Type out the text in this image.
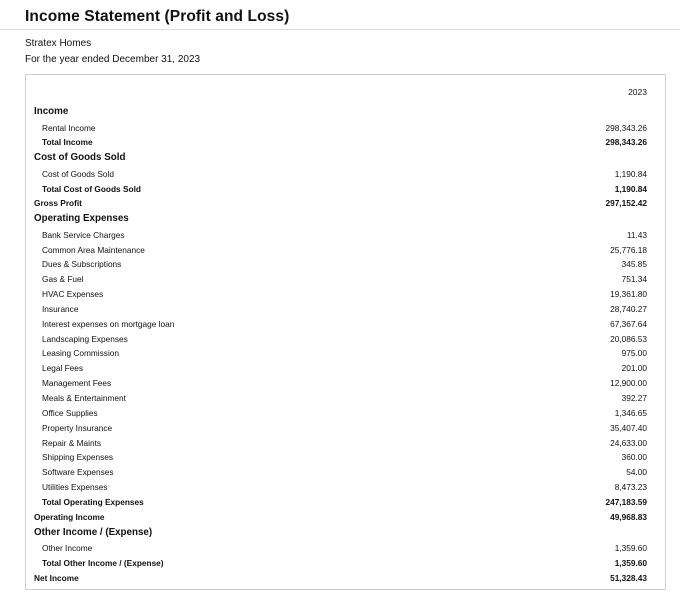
Income Statement (Profit and Loss)
Stratex Homes
For the year ended December 31, 2023
2023
Income
Rental Income	298,343.26
Total Income	298,343.26
Cost of Goods Sold
Cost of Goods Sold	1,190.84
Total Cost of Goods Sold	1,190.84
Gross Profit	297,152.42
Operating Expenses
Bank Service Charges	11.43
Common Area Maintenance	25,776.18
Dues & Subscriptions	345.85
Gas & Fuel	751.34
HVAC Expenses	19,361.80
Insurance	28,740.27
Interest expenses on mortgage loan	67,367.64
Landscaping Expenses	20,086.53
Leasing Commission	975.00
Legal Fees	201.00
Management Fees	12,900.00
Meals & Entertainment	392.27
Office Supplies	1,346.65
Property Insurance	35,407.40
Repair & Maints	24,633.00
Shipping Expenses	360.00
Software Expenses	54.00
Utilities Expenses	8,473.23
Total Operating Expenses	247,183.59
Operating Income	49,968.83
Other Income / (Expense)
Other Income	1,359.60
Total Other Income / (Expense)	1,359.60
Net Income	51,328.43
